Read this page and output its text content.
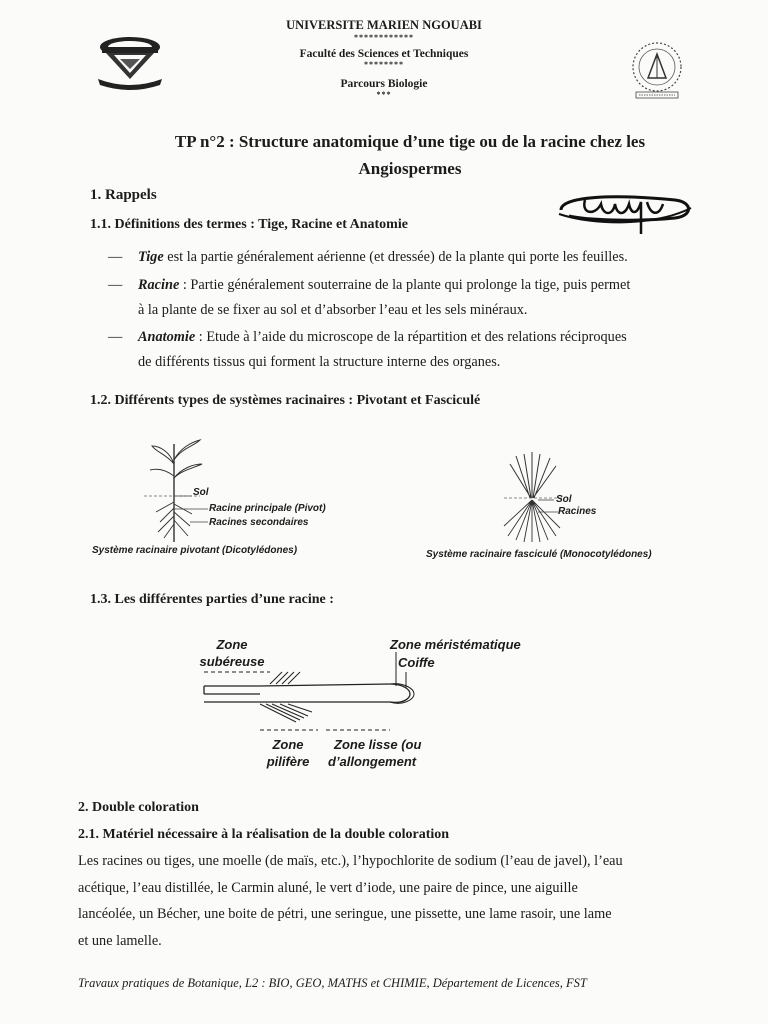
UNIVERSITE MARIEN NGOUABI
************
Faculté des Sciences et Techniques
********
Parcours Biologie
***
TP n°2 : Structure anatomique d’une tige ou de la racine chez les
Angiospermes
1. Rappels
1.1. Définitions des termes : Tige, Racine et Anatomie
— Tige est la partie généralement aérienne (et dressée) de la plante qui porte les feuilles.
— Racine : Partie généralement souterraine de la plante qui prolonge la tige, puis permet
à la plante de se fixer au sol et d’absorber l’eau et les sels minéraux.
— Anatomie : Etude à l’aide du microscope de la répartition et des relations réciproques
de différents tissus qui forment la structure interne des organes.
1.2. Différents types de systèmes racinaires : Pivotant et Fasciculé
Sol
Racine principale (Pivot)
Racines secondaires
Système racinaire pivotant (Dicotylédones)
Sol
Racines
Système racinaire fasciculé (Monocotylédones)
1.3. Les différentes parties d’une racine :
Zone
subéreuse
Zone méristématique
Coiffe
Zone
pilifère
Zone lisse (ou
d’allongement
2. Double coloration
2.1. Matériel nécessaire à la réalisation de la double coloration
Les racines ou tiges, une moelle (de maïs, etc.), l’hypochlorite de sodium (l’eau de javel), l’eau
acétique, l’eau distillée, le Carmin aluné, le vert d’iode, une paire de pince, une aiguille
lancéolée, un Bécher, une boite de pétri, une seringue, une pissette, une lame rasoir, une lame
et une lamelle.
Travaux pratiques de Botanique, L2 : BIO, GEO, MATHS et CHIMIE, Département de Licences, FST
